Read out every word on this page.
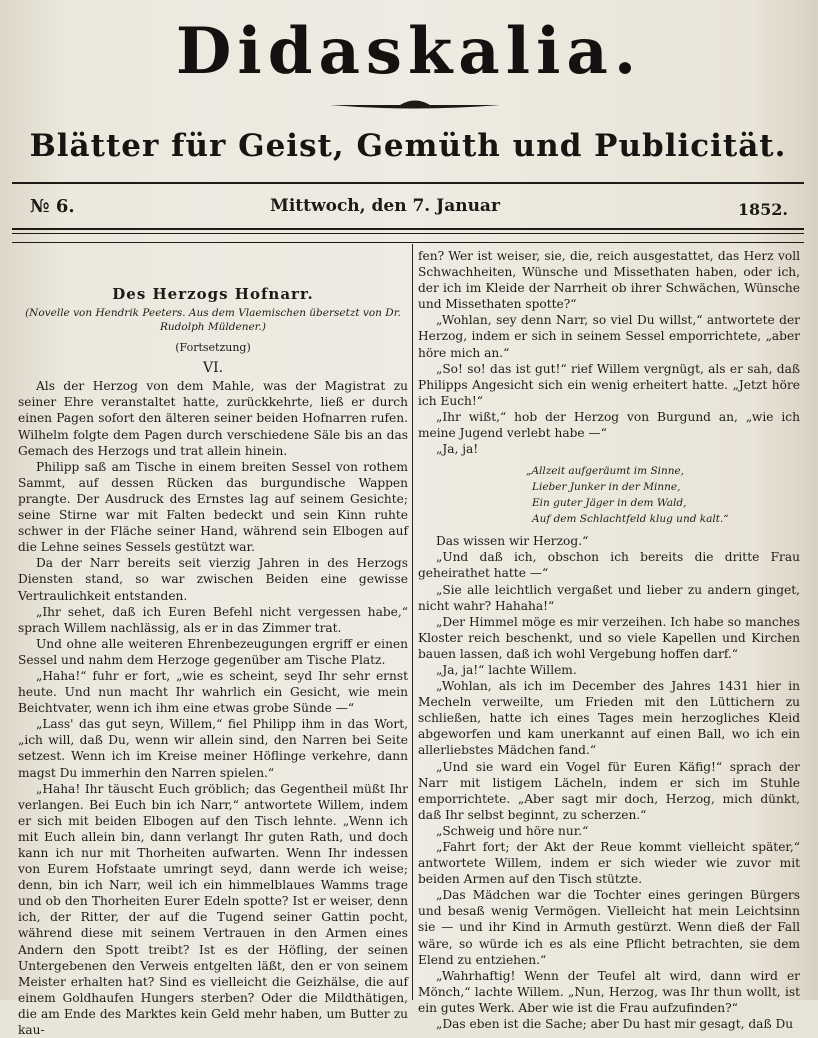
Didaskalia.
Blätter für Geist, Gemüth und Publicität.
№ 6.	Mittwoch, den 7. Januar	1852.
Des Herzogs Hofnarr.
(Novelle von Hendrik Peeters. Aus dem Vlaemischen übersetzt von Dr. Rudolph Müldener.)
(Fortsetzung)
VI.

Als der Herzog von dem Mahle, was der Magistrat zu seiner Ehre veranstaltet hatte, zurückkehrte, ließ er durch einen Pagen sofort den älteren seiner beiden Hofnarren rufen. Wilhelm folgte dem Pagen durch verschiedene Säle bis an das Gemach des Herzogs und trat allein hinein.

Philipp saß am Tische in einem breiten Sessel von rothem Sammt, auf dessen Rücken das burgundische Wappen prangte. Der Ausdruck des Ernstes lag auf seinem Gesichte; seine Stirne war mit Falten bedeckt und sein Kinn ruhte schwer in der Fläche seiner Hand, während sein Elbogen auf die Lehne seines Sessels gestützt war.

Da der Narr bereits seit vierzig Jahren in des Herzogs Diensten stand, so war zwischen Beiden eine gewisse Vertraulichkeit entstanden.

„Ihr sehet, daß ich Euren Befehl nicht vergessen habe,“ sprach Willem nachlässig, als er in das Zimmer trat.

Und ohne alle weiteren Ehrenbezeugungen ergriff er einen Sessel und nahm dem Herzoge gegenüber am Tische Platz.

„Haha!“ fuhr er fort, „wie es scheint, seyd Ihr sehr ernst heute. Und nun macht Ihr wahrlich ein Gesicht, wie mein Beichtvater, wenn ich ihm eine etwas grobe Sünde —“

„Lass' das gut seyn, Willem,“ fiel Philipp ihm in das Wort, „ich will, daß Du, wenn wir allein sind, den Narren bei Seite setzest. Wenn ich im Kreise meiner Höflinge verkehre, dann magst Du immerhin den Narren spielen.“

„Haha! Ihr täuscht Euch gröblich; das Gegentheil müßt Ihr verlangen. Bei Euch bin ich Narr,“ antwortete Willem, indem er sich mit beiden Elbogen auf den Tisch lehnte. „Wenn ich mit Euch allein bin, dann verlangt Ihr guten Rath, und doch kann ich nur mit Thorheiten aufwarten. Wenn Ihr indessen von Eurem Hofstaate umringt seyd, dann werde ich weise; denn, bin ich Narr, weil ich ein himmelblaues Wamms trage und ob den Thorheiten Eurer Edeln spotte? Ist er weiser, denn ich, der Ritter, der auf die Tugend seiner Gattin pocht, während diese mit seinem Vertrauen in den Armen eines Andern den Spott treibt? Ist es der Höfling, der seinen Untergebenen den Verweis entgelten läßt, den er von seinem Meister erhalten hat? Sind es vielleicht die Geizhälse, die auf einem Goldhaufen Hungers sterben? Oder die Mildthätigen, die am Ende des Marktes kein Geld mehr haben, um Butter zu kau-

fen? Wer ist weiser, sie, die, reich ausgestattet, das Herz voll Schwachheiten, Wünsche und Missethaten haben, oder ich, der ich im Kleide der Narrheit ob ihrer Schwächen, Wünsche und Missethaten spotte?“

„Wohlan, sey denn Narr, so viel Du willst,“ antwortete der Herzog, indem er sich in seinem Sessel emporrichtete, „aber höre mich an.“

„So! so! das ist gut!“ rief Willem vergnügt, als er sah, daß Philipps Angesicht sich ein wenig erheitert hatte. „Jetzt höre ich Euch!“

„Ihr wißt,“ hob der Herzog von Burgund an, „wie ich meine Jugend verlebt habe —“

„Ja, ja!

„Allzeit aufgeräumt im Sinne,
Lieber Junker in der Minne,
Ein guter Jäger in dem Wald,
Auf dem Schlachtfeld klug und kalt.“

Das wissen wir Herzog.“

„Und daß ich, obschon ich bereits die dritte Frau geheirathet hatte —“

„Sie alle leichtlich vergaßet und lieber zu andern ginget, nicht wahr? Hahaha!“

„Der Himmel möge es mir verzeihen. Ich habe so manches Kloster reich beschenkt, und so viele Kapellen und Kirchen bauen lassen, daß ich wohl Vergebung hoffen darf.“

„Ja, ja!“ lachte Willem.

„Wohlan, als ich im December des Jahres 1431 hier in Mecheln verweilte, um Frieden mit den Lüttichern zu schließen, hatte ich eines Tages mein herzogliches Kleid abgeworfen und kam unerkannt auf einen Ball, wo ich ein allerliebstes Mädchen fand.“

„Und sie ward ein Vogel für Euren Käfig!“ sprach der Narr mit listigem Lächeln, indem er sich im Stuhle emporrichtete. „Aber sagt mir doch, Herzog, mich dünkt, daß Ihr selbst beginnt, zu scherzen.“

„Schweig und höre nur.“

„Fahrt fort; der Akt der Reue kommt vielleicht später,“ antwortete Willem, indem er sich wieder wie zuvor mit beiden Armen auf den Tisch stützte.

„Das Mädchen war die Tochter eines geringen Bürgers und besaß wenig Vermögen. Vielleicht hat mein Leichtsinn sie — und ihr Kind in Armuth gestürzt. Wenn dieß der Fall wäre, so würde ich es als eine Pflicht betrachten, sie dem Elend zu entziehen.“

„Wahrhaftig! Wenn der Teufel alt wird, dann wird er Mönch,“ lachte Willem. „Nun, Herzog, was Ihr thun wollt, ist ein gutes Werk. Aber wie ist die Frau aufzufinden?“

„Das eben ist die Sache; aber Du hast mir gesagt, daß Du
